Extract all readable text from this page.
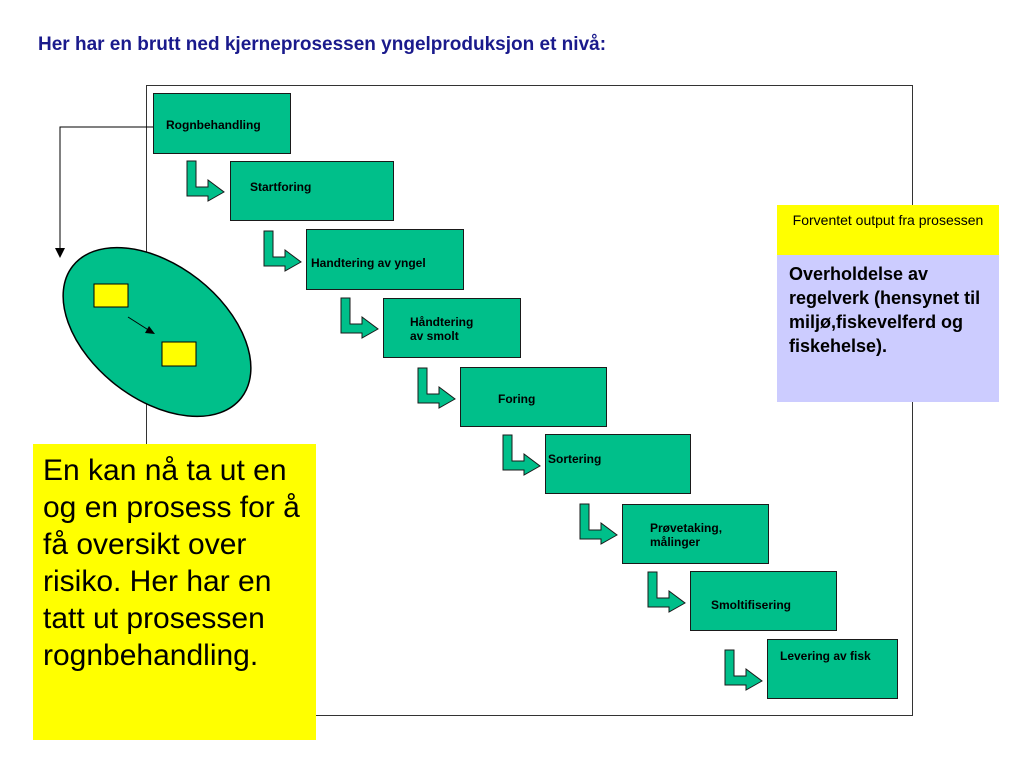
Her har en brutt ned kjerneprosessen yngelproduksjon et nivå:
Rognbehandling
Startforing
Handtering av yngel
Håndtering
av smolt
Foring
Sortering
Prøvetaking,
målinger
Smoltifisering
Levering av fisk
Forventet output fra prosessen
Overholdelse av regelverk (hensynet til miljø,fiskevelferd og fiskehelse).
En kan nå ta ut en og en prosess for å få oversikt over risiko. Her har en tatt ut prosessen rognbehandling.
